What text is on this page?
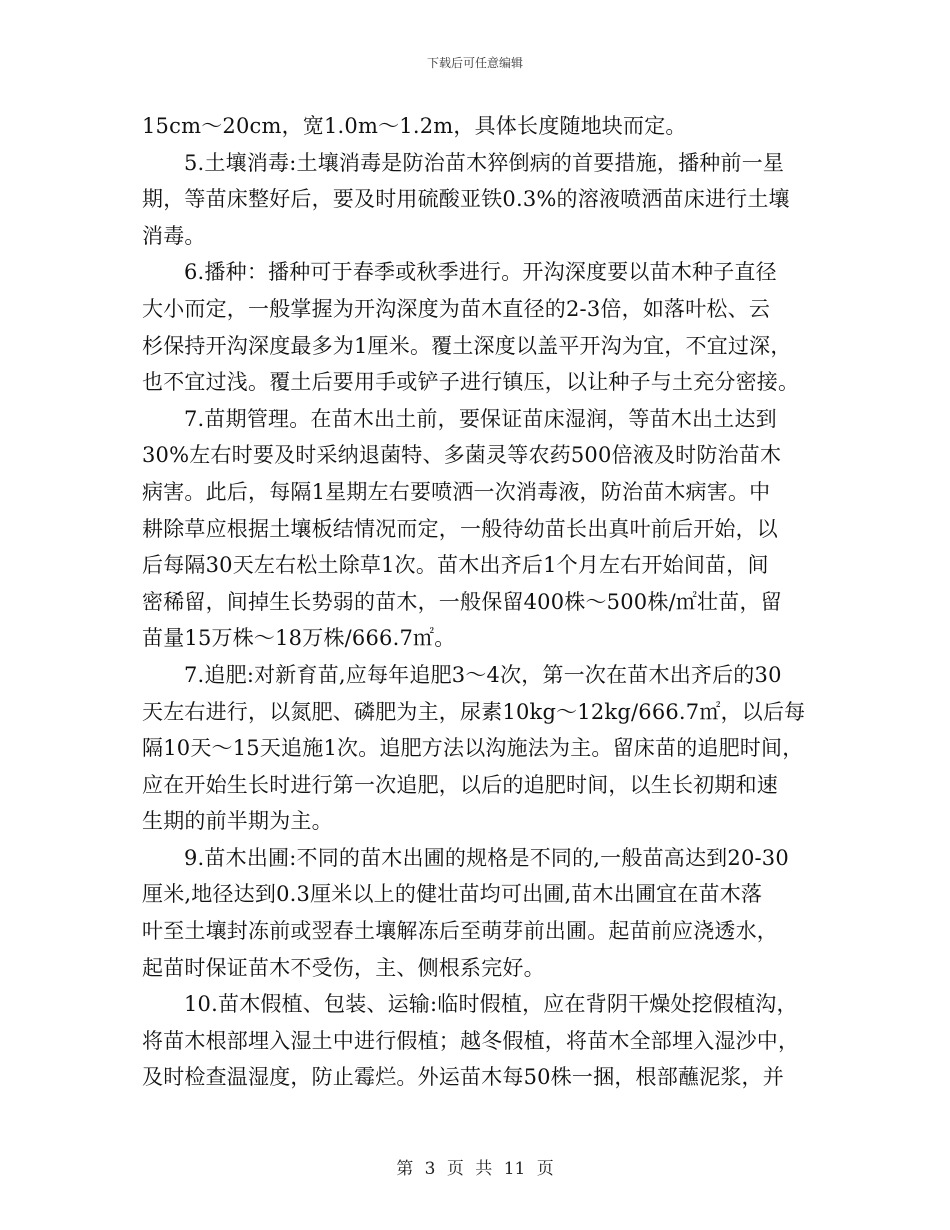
下载后可任意编辑
15cm～20cm，宽1.0m～1.2m，具体长度随地块而定。
5.土壤消毒:土壤消毒是防治苗木猝倒病的首要措施，播种前一星
期，等苗床整好后，要及时用硫酸亚铁0.3%的溶液喷洒苗床进行土壤
消毒。
6.播种：播种可于春季或秋季进行。开沟深度要以苗木种子直径
大小而定，一般掌握为开沟深度为苗木直径的2-3倍，如落叶松、云
杉保持开沟深度最多为1厘米。覆土深度以盖平开沟为宜，不宜过深，
也不宜过浅。覆土后要用手或铲子进行镇压，以让种子与土充分密接。
7.苗期管理。在苗木出土前，要保证苗床湿润，等苗木出土达到
30%左右时要及时采纳退菌特、多菌灵等农药500倍液及时防治苗木
病害。此后，每隔1星期左右要喷洒一次消毒液，防治苗木病害。中
耕除草应根据土壤板结情况而定，一般待幼苗长出真叶前后开始，以
后每隔30天左右松土除草1次。苗木出齐后1个月左右开始间苗，间
密稀留，间掉生长势弱的苗木，一般保留400株～500株/㎡壮苗，留
苗量15万株～18万株/666.7㎡。
7.追肥:对新育苗,应每年追肥3～4次，第一次在苗木出齐后的30
天左右进行，以氮肥、磷肥为主，尿素10kg～12kg/666.7㎡，以后每
隔10天～15天追施1次。追肥方法以沟施法为主。留床苗的追肥时间，
应在开始生长时进行第一次追肥，以后的追肥时间，以生长初期和速
生期的前半期为主。
9.苗木出圃:不同的苗木出圃的规格是不同的,一般苗高达到20-30
厘米,地径达到0.3厘米以上的健壮苗均可出圃,苗木出圃宜在苗木落
叶至土壤封冻前或翌春土壤解冻后至萌芽前出圃。起苗前应浇透水，
起苗时保证苗木不受伤，主、侧根系完好。
10.苗木假植、包装、运输:临时假植，应在背阴干燥处挖假植沟，
将苗木根部埋入湿土中进行假植；越冬假植，将苗木全部埋入湿沙中，
及时检查温湿度，防止霉烂。外运苗木每50株一捆，根部蘸泥浆，并
第 3 页 共 11 页
